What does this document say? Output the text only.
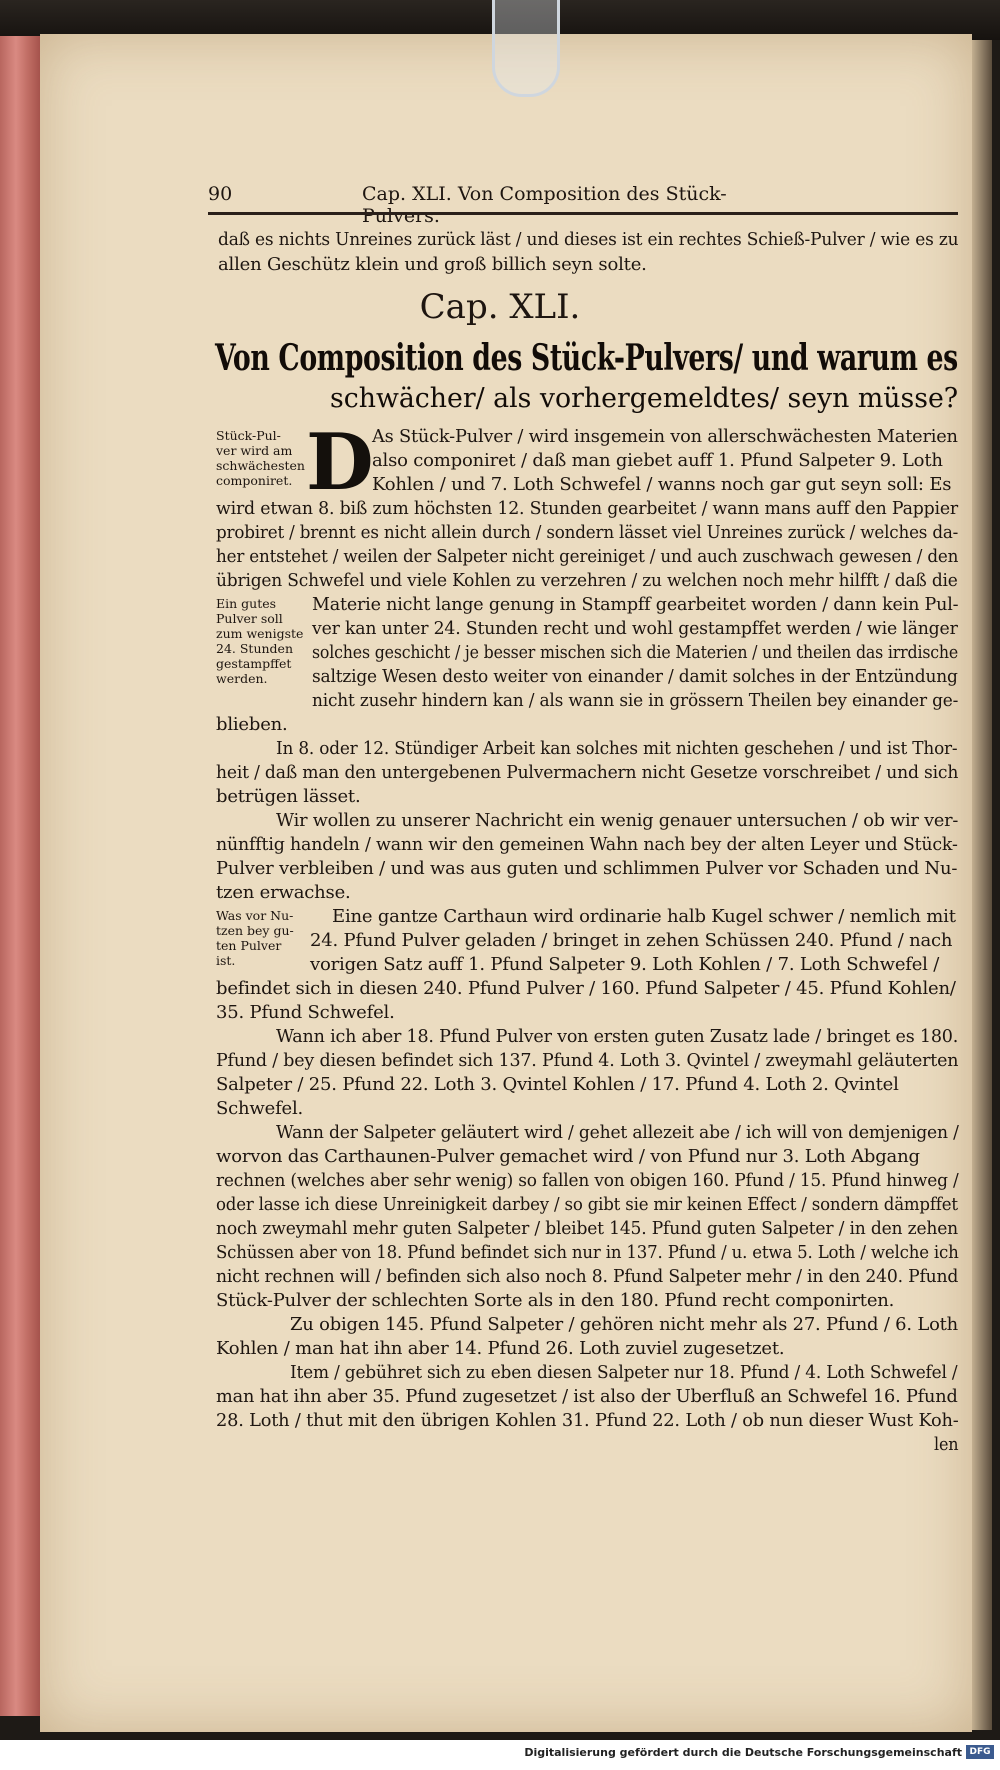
90	Cap. XLI. Von Composition des Stück-Pulvers.
daß es nichts Unreines zurück läst / und dieses ist ein rechtes Schieß-Pulver / wie es zu
allen Geschütz klein und groß billich seyn solte.
Cap. XLI.
Von Composition des Stück-Pulvers/ und warum es
schwächer/ als vorhergemeldtes/ seyn müsse?
D
Stück-Pul-
ver wird am
schwächesten
componiret.
As Stück-Pulver / wird insgemein von allerschwächesten Materien
also componiret / daß man giebet auff 1. Pfund Salpeter 9. Loth
Kohlen / und 7. Loth Schwefel / wanns noch gar gut seyn soll: Es
wird etwan 8. biß zum höchsten 12. Stunden gearbeitet / wann mans auff den Pappier
probiret / brennt es nicht allein durch / sondern lässet viel Unreines zurück / welches da-
her entstehet / weilen der Salpeter nicht gereiniget / und auch zuschwach gewesen / den
übrigen Schwefel und viele Kohlen zu verzehren / zu welchen noch mehr hilfft / daß die
Ein gutes
Pulver soll
zum wenigste
24. Stunden
gestampffet
werden.
Materie nicht lange genung in Stampff gearbeitet worden / dann kein Pul-
ver kan unter 24. Stunden recht und wohl gestampffet werden / wie länger
solches geschicht / je besser mischen sich die Materien / und theilen das irrdische
saltzige Wesen desto weiter von einander / damit solches in der Entzündung
nicht zusehr hindern kan / als wann sie in grössern Theilen bey einander ge-
blieben.
In 8. oder 12. Stündiger Arbeit kan solches mit nichten geschehen / und ist Thor-
heit / daß man den untergebenen Pulvermachern nicht Gesetze vorschreibet / und sich
betrügen lässet.
Wir wollen zu unserer Nachricht ein wenig genauer untersuchen / ob wir ver-
nünfftig handeln / wann wir den gemeinen Wahn nach bey der alten Leyer und Stück-
Pulver verbleiben / und was aus guten und schlimmen Pulver vor Schaden und Nu-
tzen erwachse.
Was vor Nu-
tzen bey gu-
ten Pulver
ist.
Eine gantze Carthaun wird ordinarie halb Kugel schwer / nemlich mit
24. Pfund Pulver geladen / bringet in zehen Schüssen 240. Pfund / nach
vorigen Satz auff 1. Pfund Salpeter 9. Loth Kohlen / 7. Loth Schwefel /
befindet sich in diesen 240. Pfund Pulver / 160. Pfund Salpeter / 45. Pfund Kohlen/
35. Pfund Schwefel.
Wann ich aber 18. Pfund Pulver von ersten guten Zusatz lade / bringet es 180.
Pfund / bey diesen befindet sich 137. Pfund 4. Loth 3. Qvintel / zweymahl geläuterten
Salpeter / 25. Pfund 22. Loth 3. Qvintel Kohlen / 17. Pfund 4. Loth 2. Qvintel
Schwefel.
Wann der Salpeter geläutert wird / gehet allezeit abe / ich will von demjenigen /
worvon das Carthaunen-Pulver gemachet wird / von Pfund nur 3. Loth Abgang
rechnen (welches aber sehr wenig) so fallen von obigen 160. Pfund / 15. Pfund hinweg /
oder lasse ich diese Unreinigkeit darbey / so gibt sie mir keinen Effect / sondern dämpffet
noch zweymahl mehr guten Salpeter / bleibet 145. Pfund guten Salpeter / in den zehen
Schüssen aber von 18. Pfund befindet sich nur in 137. Pfund / u. etwa 5. Loth / welche ich
nicht rechnen will / befinden sich also noch 8. Pfund Salpeter mehr / in den 240. Pfund
Stück-Pulver der schlechten Sorte als in den 180. Pfund recht componirten.
Zu obigen 145. Pfund Salpeter / gehören nicht mehr als 27. Pfund / 6. Loth
Kohlen / man hat ihn aber 14. Pfund 26. Loth zuviel zugesetzet.
Item / gebühret sich zu eben diesen Salpeter nur 18. Pfund / 4. Loth Schwefel /
man hat ihn aber 35. Pfund zugesetzet / ist also der Uberfluß an Schwefel 16. Pfund
28. Loth / thut mit den übrigen Kohlen 31. Pfund 22. Loth / ob nun dieser Wust Koh-
len
Digitalisierung gefördert durch die Deutsche Forschungsgemeinschaft DFG
